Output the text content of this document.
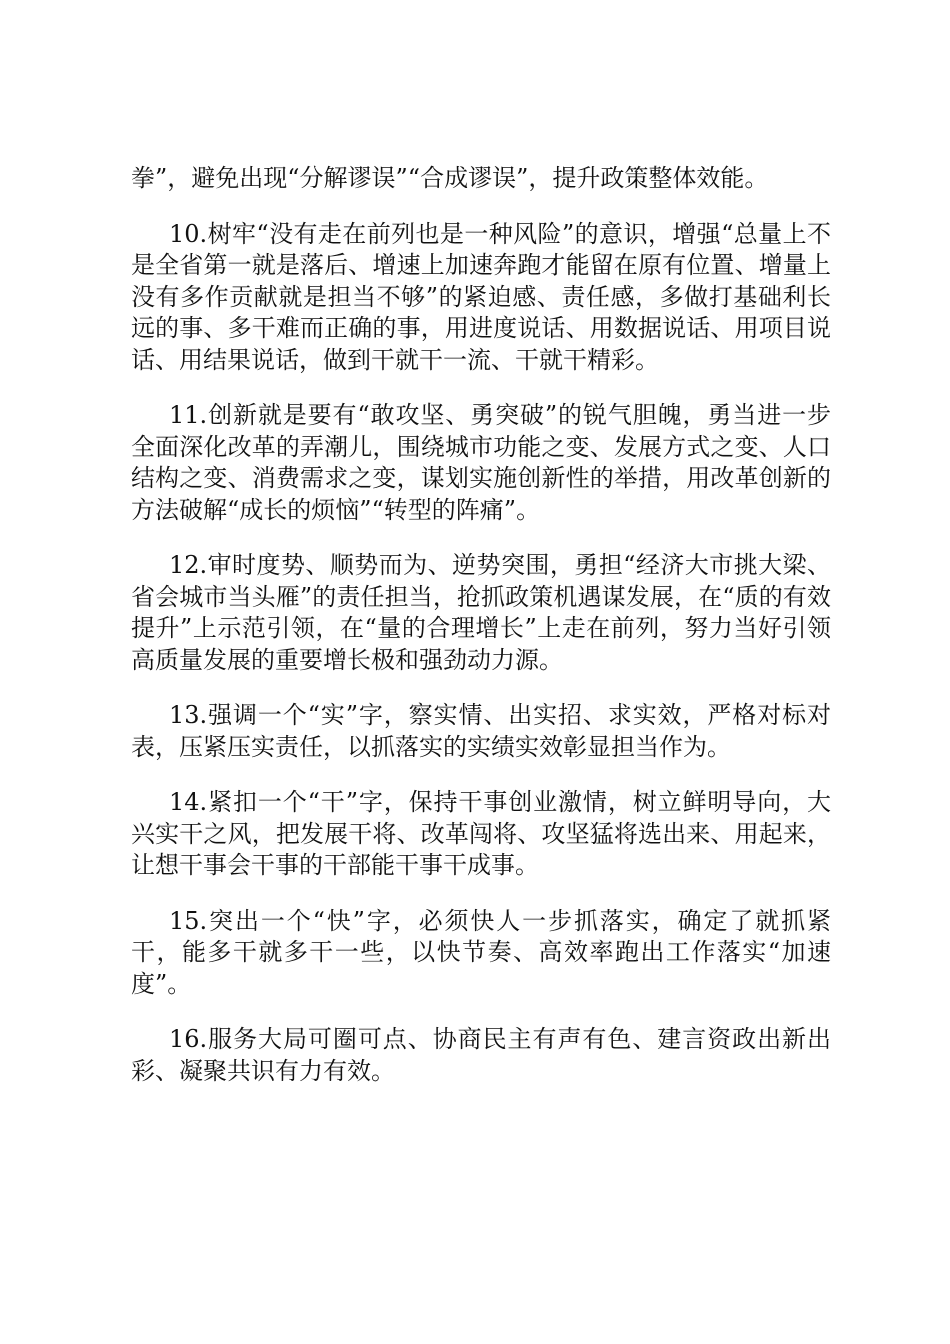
拳”，避免出现“分解谬误”“合成谬误”，提升政策整体效能。

10.树牢“没有走在前列也是一种风险”的意识，增强“总量上不是全省第一就是落后、增速上加速奔跑才能留在原有位置、增量上没有多作贡献就是担当不够”的紧迫感、责任感，多做打基础利长远的事、多干难而正确的事，用进度说话、用数据说话、用项目说话、用结果说话，做到干就干一流、干就干精彩。

11.创新就是要有“敢攻坚、勇突破”的锐气胆魄，勇当进一步全面深化改革的弄潮儿，围绕城市功能之变、发展方式之变、人口结构之变、消费需求之变，谋划实施创新性的举措，用改革创新的方法破解“成长的烦恼”“转型的阵痛”。

12.审时度势、顺势而为、逆势突围，勇担“经济大市挑大梁、省会城市当头雁”的责任担当，抢抓政策机遇谋发展，在“质的有效提升”上示范引领，在“量的合理增长”上走在前列，努力当好引领高质量发展的重要增长极和强劲动力源。

13.强调一个“实”字，察实情、出实招、求实效，严格对标对表，压紧压实责任，以抓落实的实绩实效彰显担当作为。

14.紧扣一个“干”字，保持干事创业激情，树立鲜明导向，大兴实干之风，把发展干将、改革闯将、攻坚猛将选出来、用起来，让想干事会干事的干部能干事干成事。

15.突出一个“快”字，必须快人一步抓落实，确定了就抓紧干，能多干就多干一些，以快节奏、高效率跑出工作落实“加速度”。

16.服务大局可圈可点、协商民主有声有色、建言资政出新出彩、凝聚共识有力有效。
